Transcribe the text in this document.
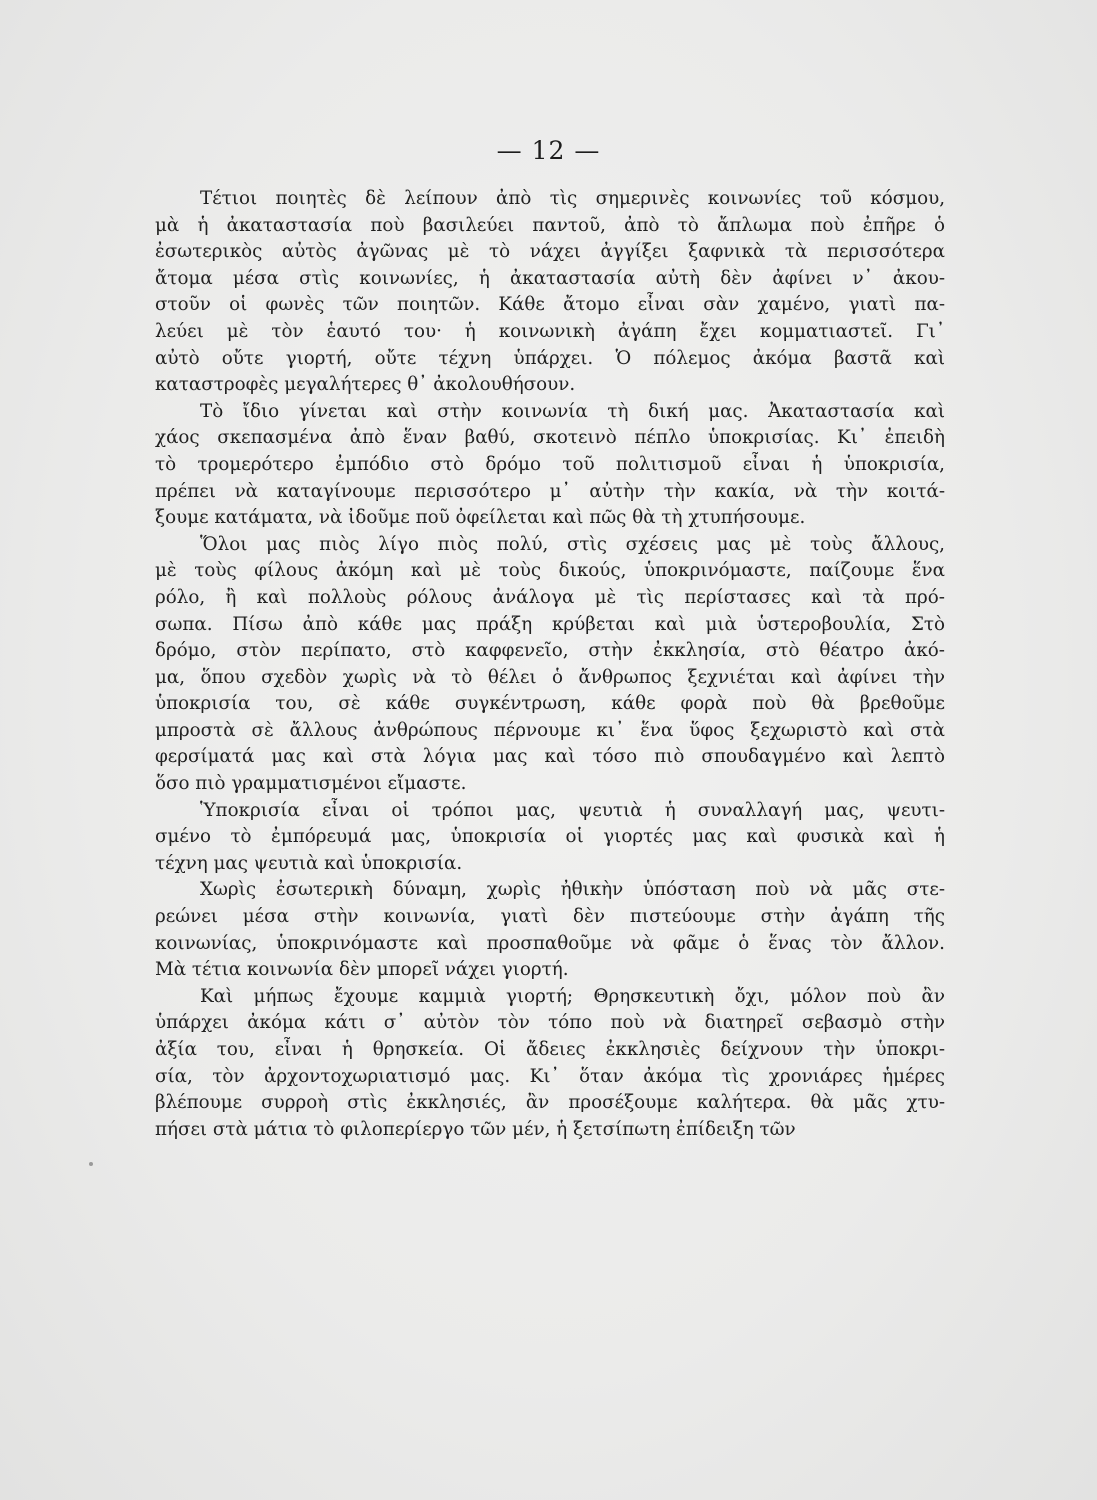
— 12 —
Τέτιοι ποιητὲς δὲ λείπουν ἀπὸ τὶς σημερινὲς κοινωνίες τοῦ κόσμου,
μὰ ἡ ἀκαταστασία ποὺ βασιλεύει παντοῦ, ἀπὸ τὸ ἄπλωμα ποὺ ἐπῆρε ὁ
ἐσωτερικὸς αὐτὸς ἀγῶνας μὲ τὸ νάχει ἀγγίξει ξαφνικὰ τὰ περισσότερα
ἄτομα μέσα στὶς κοινωνίες, ἡ ἀκαταστασία αὐτὴ δὲν ἀφίνει ν᾽ ἀκου-
στοῦν οἱ φωνὲς τῶν ποιητῶν. Κάθε ἄτομο εἶναι σὰν χαμένο, γιατὶ πα-
λεύει μὲ τὸν ἑαυτό του· ἡ κοινωνικὴ ἀγάπη ἔχει κομματιαστεῖ. Γι᾽
αὐτὸ οὔτε γιορτή, οὔτε τέχνη ὑπάρχει. Ὁ πόλεμος ἀκόμα βαστᾶ καὶ
καταστροφὲς μεγαλήτερες θ᾽ ἀκολουθήσουν.
Τὸ ἴδιο γίνεται καὶ στὴν κοινωνία τὴ δική μας. Ἀκαταστασία καὶ
χάος σκεπασμένα ἀπὸ ἕναν βαθύ, σκοτεινὸ πέπλο ὑποκρισίας. Κι᾽ ἐπειδὴ
τὸ τρομερότερο ἐμπόδιο στὸ δρόμο τοῦ πολιτισμοῦ εἶναι ἡ ὑποκρισία,
πρέπει νὰ καταγίνουμε περισσότερο μ᾽ αὐτὴν τὴν κακία, νὰ τὴν κοιτά-
ξουμε κατάματα, νὰ ἰδοῦμε ποῦ ὀφείλεται καὶ πῶς θὰ τὴ χτυπήσουμε.
Ὅλοι μας πιὸς λίγο πιὸς πολύ, στὶς σχέσεις μας μὲ τοὺς ἄλλους,
μὲ τοὺς φίλους ἀκόμη καὶ μὲ τοὺς δικούς, ὑποκρινόμαστε, παίζουμε ἕνα
ρόλο, ἢ καὶ πολλοὺς ρόλους ἀνάλογα μὲ τὶς περίστασες καὶ τὰ πρό-
σωπα. Πίσω ἀπὸ κάθε μας πράξη κρύβεται καὶ μιὰ ὑστεροβουλία, Στὸ
δρόμο, στὸν περίπατο, στὸ καφφενεῖο, στὴν ἐκκλησία, στὸ θέατρο ἀκό-
μα, ὅπου σχεδὸν χωρὶς νὰ τὸ θέλει ὁ ἄνθρωπος ξεχνιέται καὶ ἀφίνει τὴν
ὑποκρισία του, σὲ κάθε συγκέντρωση, κάθε φορὰ ποὺ θὰ βρεθοῦμε
μπροστὰ σὲ ἄλλους ἀνθρώπους πέρνουμε κι᾽ ἕνα ὕφος ξεχωριστὸ καὶ στὰ
φερσίματά μας καὶ στὰ λόγια μας καὶ τόσο πιὸ σπουδαγμένο καὶ λεπτὸ
ὅσο πιὸ γραμματισμένοι εἴμαστε.
Ὑποκρισία εἶναι οἱ τρόποι μας, ψευτιὰ ἡ συναλλαγή μας, ψευτι-
σμένο τὸ ἐμπόρευμά μας, ὑποκρισία οἱ γιορτές μας καὶ φυσικὰ καὶ ἡ
τέχνη μας ψευτιὰ καὶ ὑποκρισία.
Χωρὶς ἐσωτερικὴ δύναμη, χωρὶς ἠθικὴν ὑπόσταση ποὺ νὰ μᾶς στε-
ρεώνει μέσα στὴν κοινωνία, γιατὶ δὲν πιστεύουμε στὴν ἀγάπη τῆς
κοινωνίας, ὑποκρινόμαστε καὶ προσπαθοῦμε νὰ φᾶμε ὁ ἕνας τὸν ἄλλον.
Μὰ τέτια κοινωνία δὲν μπορεῖ νάχει γιορτή.
Καὶ μήπως ἔχουμε καμμιὰ γιορτή; Θρησκευτικὴ ὄχι, μόλον ποὺ ἂν
ὑπάρχει ἀκόμα κάτι σ᾽ αὐτὸν τὸν τόπο ποὺ νὰ διατηρεῖ σεβασμὸ στὴν
ἀξία του, εἶναι ἡ θρησκεία. Οἱ ἄδειες ἐκκλησιὲς δείχνουν τὴν ὑποκρι-
σία, τὸν ἀρχοντοχωριατισμό μας. Κι᾽ ὅταν ἀκόμα τὶς χρονιάρες ἡμέρες
βλέπουμε συρροὴ στὶς ἐκκλησιές, ἂν προσέξουμε καλήτερα. θὰ μᾶς χτυ-
πήσει στὰ μάτια τὸ φιλοπερίεργο τῶν μέν, ἡ ξετσίπωτη ἐπίδειξη τῶν
